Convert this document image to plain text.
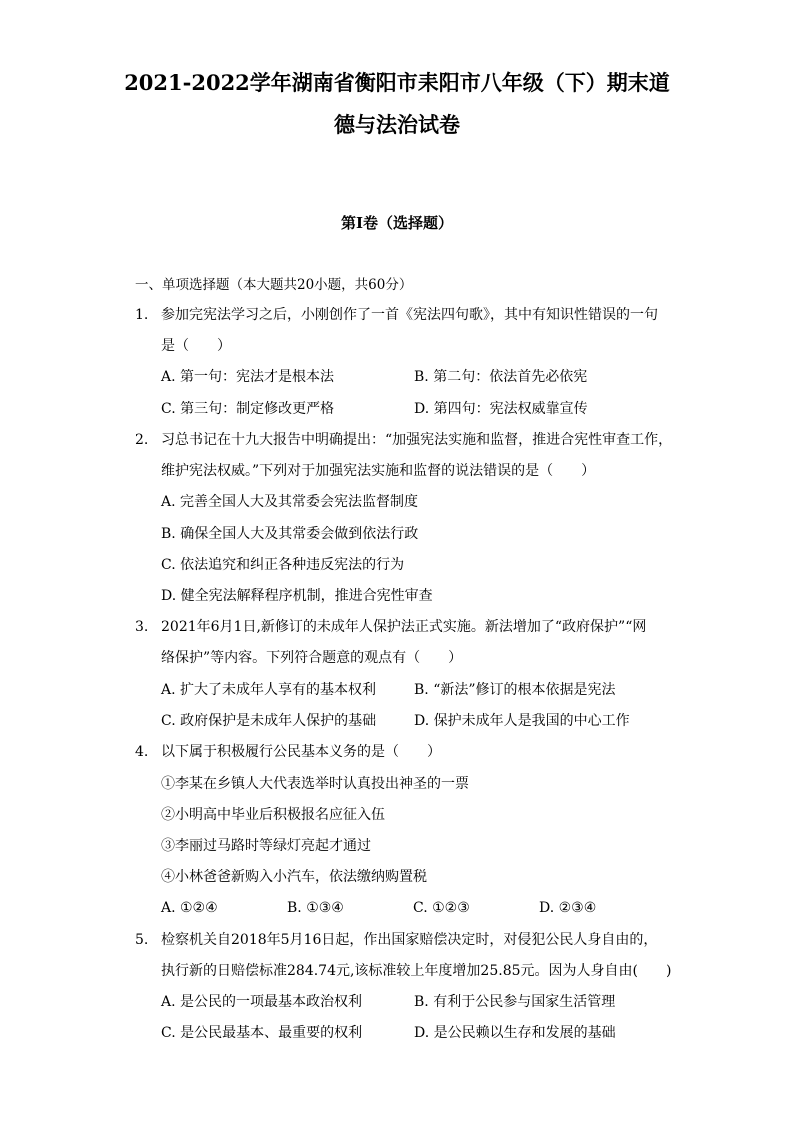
2021-2022学年湖南省衡阳市耒阳市八年级（下）期末道
德与法治试卷
第I卷（选择题）
一、单项选择题（本大题共20小题，共60分）
1. 参加完宪法学习之后，小刚创作了一首《宪法四句歌》，其中有知识性错误的一句
是（　　）
A. 第一句：宪法才是根本法	B. 第二句：依法首先必依宪
C. 第三句：制定修改更严格	D. 第四句：宪法权威靠宣传
2. 习总书记在十九大报告中明确提出：“加强宪法实施和监督，推进合宪性审查工作，
维护宪法权威。”下列对于加强宪法实施和监督的说法错误的是（　　）
A. 完善全国人大及其常委会宪法监督制度
B. 确保全国人大及其常委会做到依法行政
C. 依法追究和纠正各种违反宪法的行为
D. 健全宪法解释程序机制，推进合宪性审查
3. 2021年6月1日,新修订的未成年人保护法正式实施。新法增加了“政府保护”“网
络保护”等内容。下列符合题意的观点有（　　）
A. 扩大了未成年人享有的基本权利	B. “新法”修订的根本依据是宪法
C. 政府保护是未成年人保护的基础	D. 保护未成年人是我国的中心工作
4. 以下属于积极履行公民基本义务的是（　　）
①李某在乡镇人大代表选举时认真投出神圣的一票
②小明高中毕业后积极报名应征入伍
③李丽过马路时等绿灯亮起才通过
④小林爸爸新购入小汽车，依法缴纳购置税
A. ①②④	B. ①③④	C. ①②③	D. ②③④
5. 检察机关自2018年5月16日起，作出国家赔偿决定时，对侵犯公民人身自由的，
执行新的日赔偿标准284.74元,该标准较上年度增加25.85元。因为人身自由(　　)
A. 是公民的一项最基本政治权利	B. 有利于公民参与国家生活管理
C. 是公民最基本、最重要的权利	D. 是公民赖以生存和发展的基础
